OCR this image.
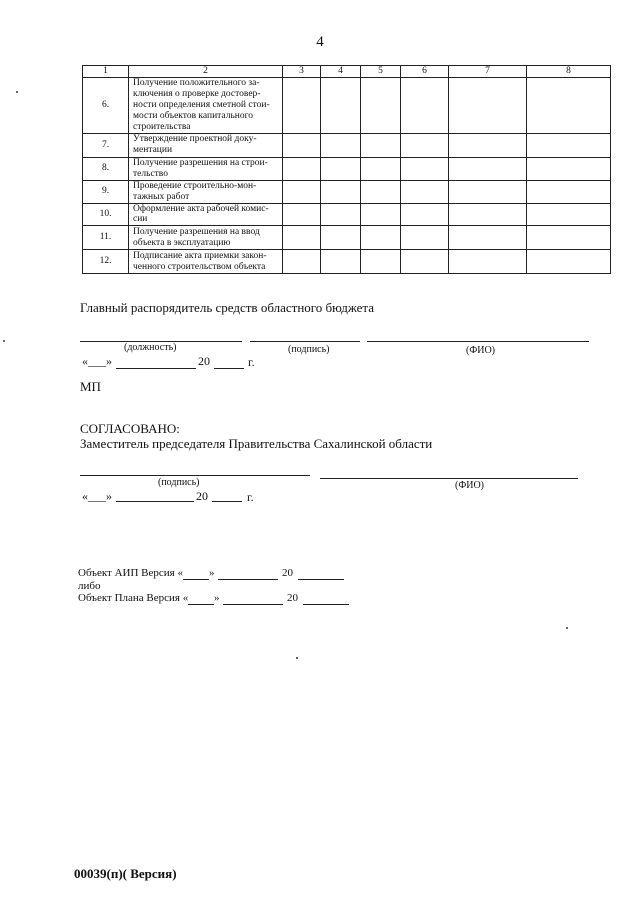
4
1	2	3	4	5	6	7	8
6.	Получение положительного за-ключения о проверке достовер-ности определения сметной стои-мости объектов капитального строительства						
7.	Утверждение проектной доку-ментации						
8.	Получение разрешения на строи-тельство						
9.	Проведение строительно-мон-тажных работ						
10.	Оформление акта рабочей комис-сии						
11.	Получение разрешения на ввод объекта в эксплуатацию						
12.	Подписание акта приемки закон-ченного строительством объекта						
Главный распорядитель средств областного бюджета
(должность)	(подпись)	(ФИО)
«___»	20	г.
МП
СОГЛАСОВАНО:
Заместитель председателя Правительства Сахалинской области
(подпись)	(ФИО)
«___»	20	г.
Объект АИП Версия « »	20
либо
Объект Плана Версия « »	20
00039(п)( Версия)
